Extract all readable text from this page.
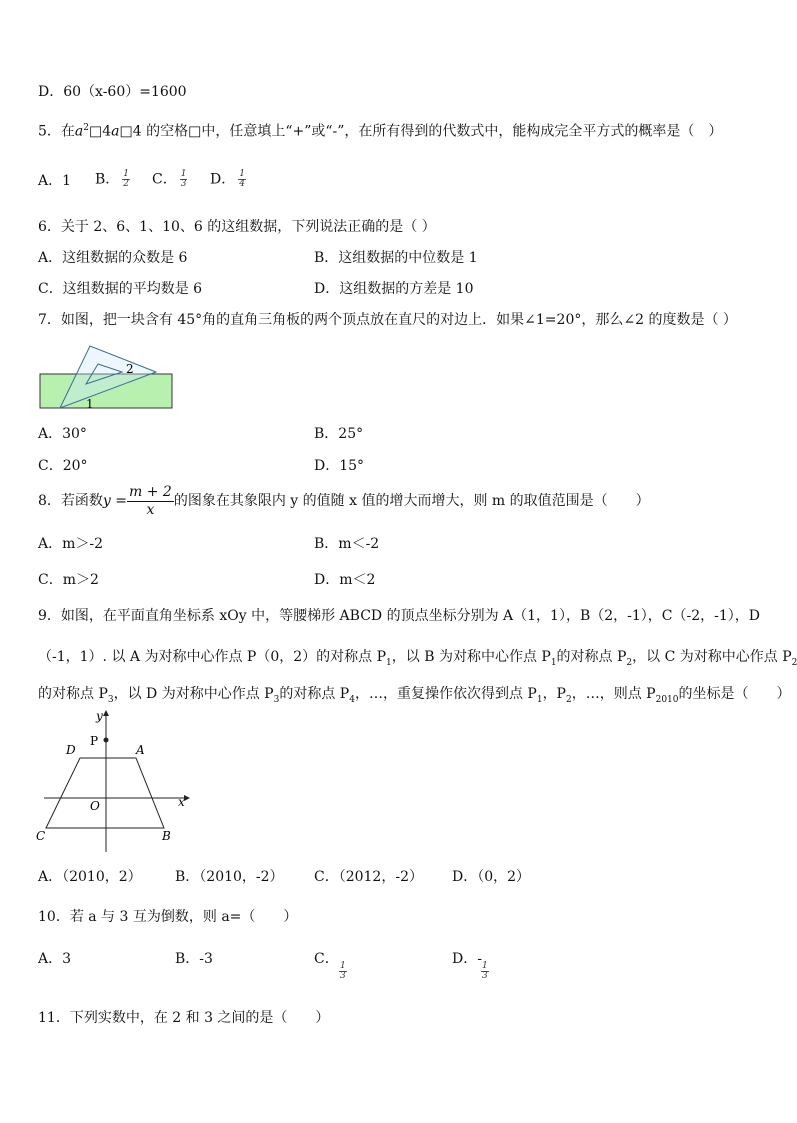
D．60（x-60）=1600
5．在$a^2□4a□4$ 的空格□中，任意填上“+”或“-”，在所有得到的代数式中，能构成完全平方式的概率是（　）
A．1 B． $\frac{1}{2}$ C． $\frac{1}{3}$ D． $\frac{1}{4}$
6．关于 2、6、1、10、6 的这组数据，下列说法正确的是（ ）
A．这组数据的众数是 6	B．这组数据的中位数是 1
C．这组数据的平均数是 6	D．这组数据的方差是 10
7．如图，把一块含有 45°角的直角三角板的两个顶点放在直尺的对边上．如果∠1=20°，那么∠2 的度数是（ ）
2
1
A．30°	B．25°
C．20°	D．15°
8．若函数$y = \frac{m + 2}{x}$ 的图象在其象限内 y 的值随 x 值的增大而增大，则 m 的取值范围是（　　）
A．m＞-2	B．m＜-2
C．m＞2	D．m＜2
9．如图，在平面直角坐标系 xOy 中，等腰梯形 ABCD 的顶点坐标分别为 A（1，1），B（2，-1），C（-2，-1），D
（-1，1）. 以 A 为对称中心作点 P（0，2）的对称点 $P_1$，以 B 为对称中心作点 $P_1$的对称点 $P_2$，以 C 为对称中心作点 $P_2$
的对称点 $P_3$，以 D 为对称中心作点 $P_3$的对称点 $P_4$，…，重复操作依次得到点 $P_1$，$P_2$，…，则点 $P_{2010}$的坐标是（　　）
P
y
x
O
D	A
C	B
A．（2010，2） B．（2010，-2） C．（2012，-2） D．（0，2）
10．若 a 与 3 互为倒数，则 a=（　　）
A．3	B．-3	C．
$\frac{1}{3}$
D．-
$\frac{1}{3}$
11．下列实数中，在 2 和 3 之间的是（　　）
